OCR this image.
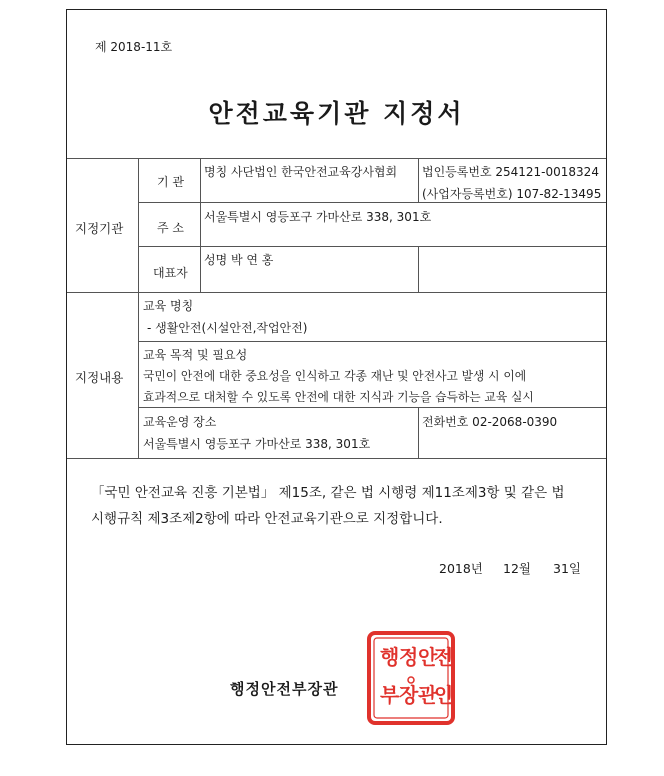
제 2018-11호
안전교육기관 지정서
지정기관
기 관
명칭 사단법인 한국안전교육강사협회 법인등록번호 254121-0018324
(사업자등록번호) 107-82-13495
주 소
서울특별시 영등포구 가마산로 338, 301호
대표자
성명 박 연 홍
지정내용
교육 명칭
- 생활안전(시설안전,작업안전)
교육 목적 및 필요성
국민이 안전에 대한 중요성을 인식하고 각종 재난 및 안전사고 발생 시 이에
효과적으로 대처할 수 있도록 안전에 대한 지식과 기능을 습득하는 교육 실시
교육운영 장소
서울특별시 영등포구 가마산로 338, 301호
전화번호 02-2068-0390
「국민 안전교육 진흥 기본법」 제15조, 같은 법 시행령 제11조제3항 및 같은 법
시행규칙 제3조제2항에 따라 안전교육기관으로 지정합니다.
2018년 12월 31일
행정안전부장관
행 정 안
전
부 장 관
인
